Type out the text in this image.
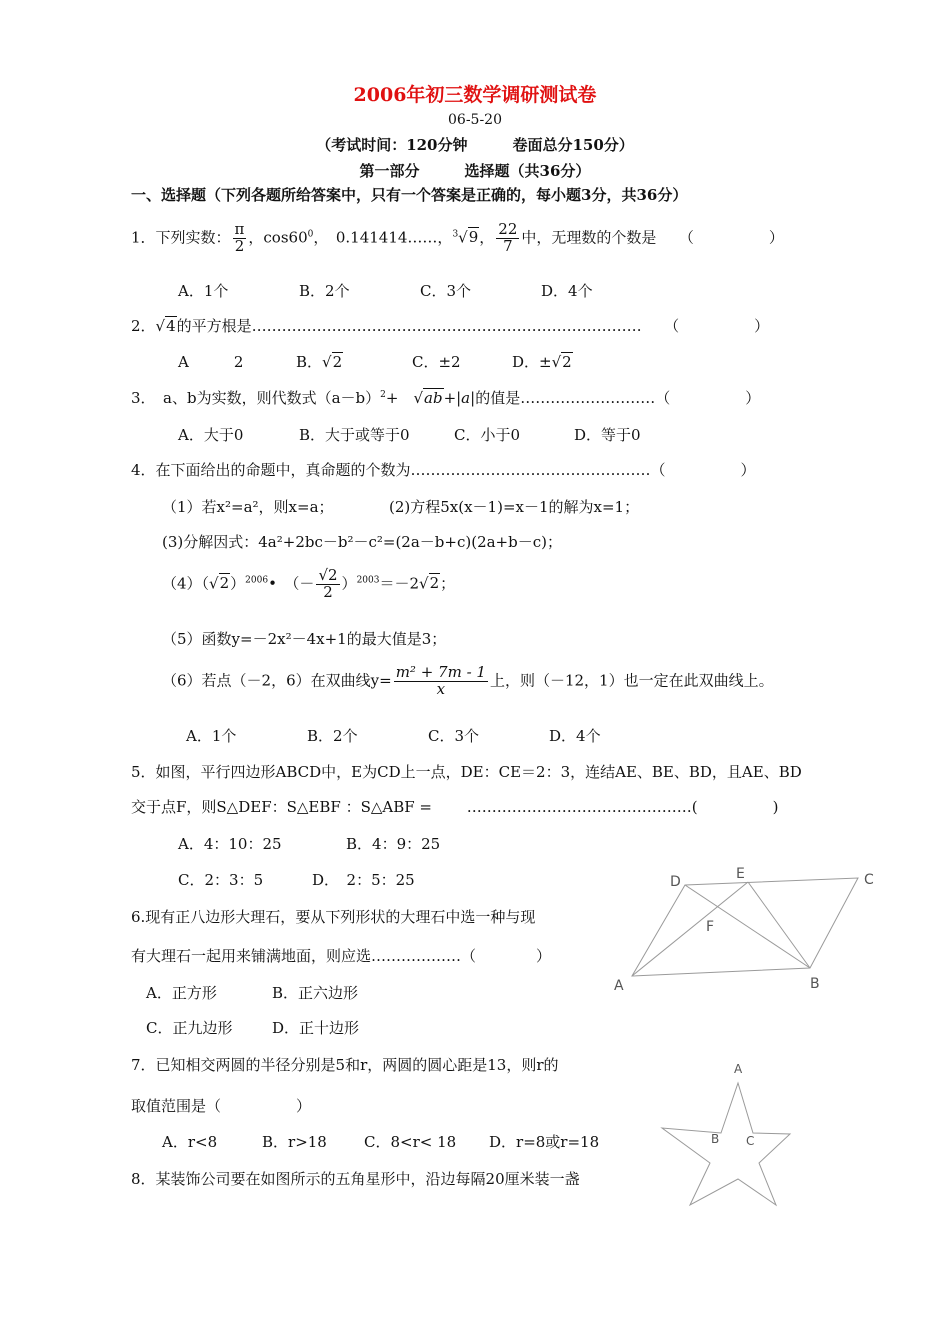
2006年初三数学调研测试卷
06-5-20
（考试时间：120分钟　　　卷面总分150分）
第一部分　　　选择题（共36分）
一、选择题（下列各题所给答案中，只有一个答案是正确的，每小题3分，共36分）
1．下列实数： $\frac{\pi}{2}$ ，$\cos 60^0$，　0.141414……，$^3$√9， $\frac{22}{7}$ 中，无理数的个数是　　（　　　　　）
A．1个	B．2个	C．3个	D．4个
2．√4的平方根是……………………………………………………………………　　（　　　　　）
A　　　2	B．√2	C．±2	D．±√2
3．　a、b为实数，则代数式$(a-b)^2+$　√ab+|a|的值是………………………（　　　　　）
A．大于0	B．大于或等于0	C．小于0	D．等于0
4．在下面给出的命题中，真命题的个数为…………………………………………（　　　　　）
（1）若x²=a²，则x=a；	(2)方程5x(x－1)=x－1的解为x=1；
(3)分解因式：4a²+2bc－b²－c²=(2a－b+c)(2a+b－c)；
$(4)(√2)^{2006}•$　（－ $\frac{√2}{2} )^{2003}=-2√2$；
（5）函数y=－2x²－4x+1的最大值是3；
（6）若点（－2，6）在双曲线$y= \frac{\text{m² + 7m - 1}}{x}$ 上，则（－12，1）也一定在此双曲线上。
A．1个	B．2个	C．3个	D．4个
5．如图，平行四边形ABCD中，E为CD上一点，DE：CE＝2：3，连结AE、BE、BD，且AE、BD
交于点F，则S△DEF：S△EBF ：S△ABF =　　 ………………………………………(　　　　　)
A．4：10：25	B．4：9：25
C．2：3：5	D．　2：5：25
6.现有正八边形大理石，要从下列形状的大理石中选一种与现
有大理石一起用来铺满地面，则应选………………（　　　　）
A．正方形	B．正六边形
C．正九边形	D．正十边形
7．已知相交两圆的半径分别是5和r，两圆的圆心距是13，则r的
取值范围是（　　　　　）
A．r<8	B．r>18 C．8<r< 18 D．r=8或r=18
8．某装饰公司要在如图所示的五角星形中，沿边每隔20厘米装一盏
D	E	C
F
A	B
A
B C
